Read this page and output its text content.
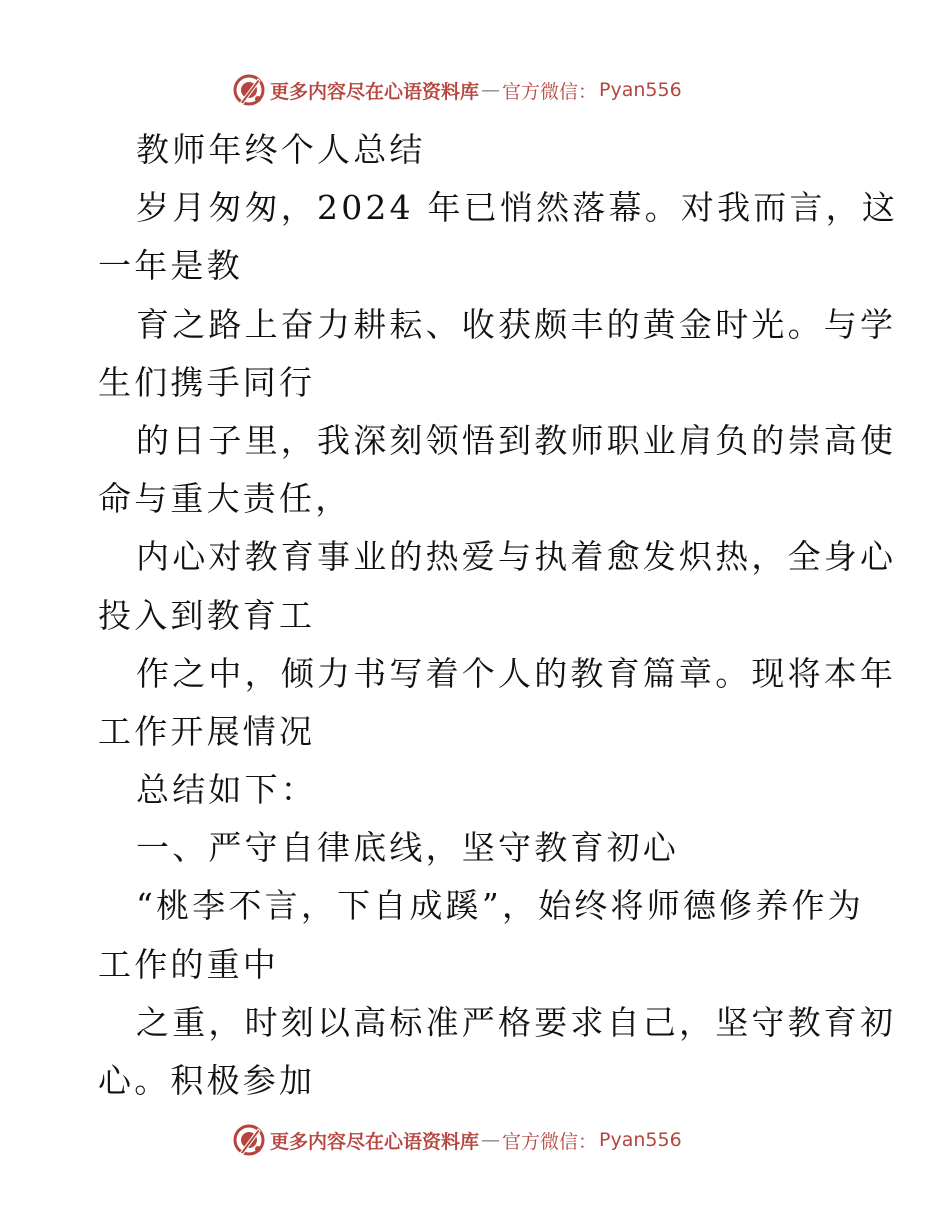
更多内容尽在心语资料库 — 官方微信： Pyan556
教师年终个人总结
岁月匆匆，2024 年已悄然落幕。对我而言，这
一年是教
育之路上奋力耕耘、收获颇丰的黄金时光。与学
生们携手同行
的日子里，我深刻领悟到教师职业肩负的崇高使
命与重大责任，
内心对教育事业的热爱与执着愈发炽热，全身心
投入到教育工
作之中，倾力书写着个人的教育篇章。现将本年
工作开展情况
总结如下：
一、严守自律底线，坚守教育初心
“桃李不言，下自成蹊”，始终将师德修养作为
工作的重中
之重，时刻以高标准严格要求自己，坚守教育初
心。积极参加
更多内容尽在心语资料库 — 官方微信： Pyan556
